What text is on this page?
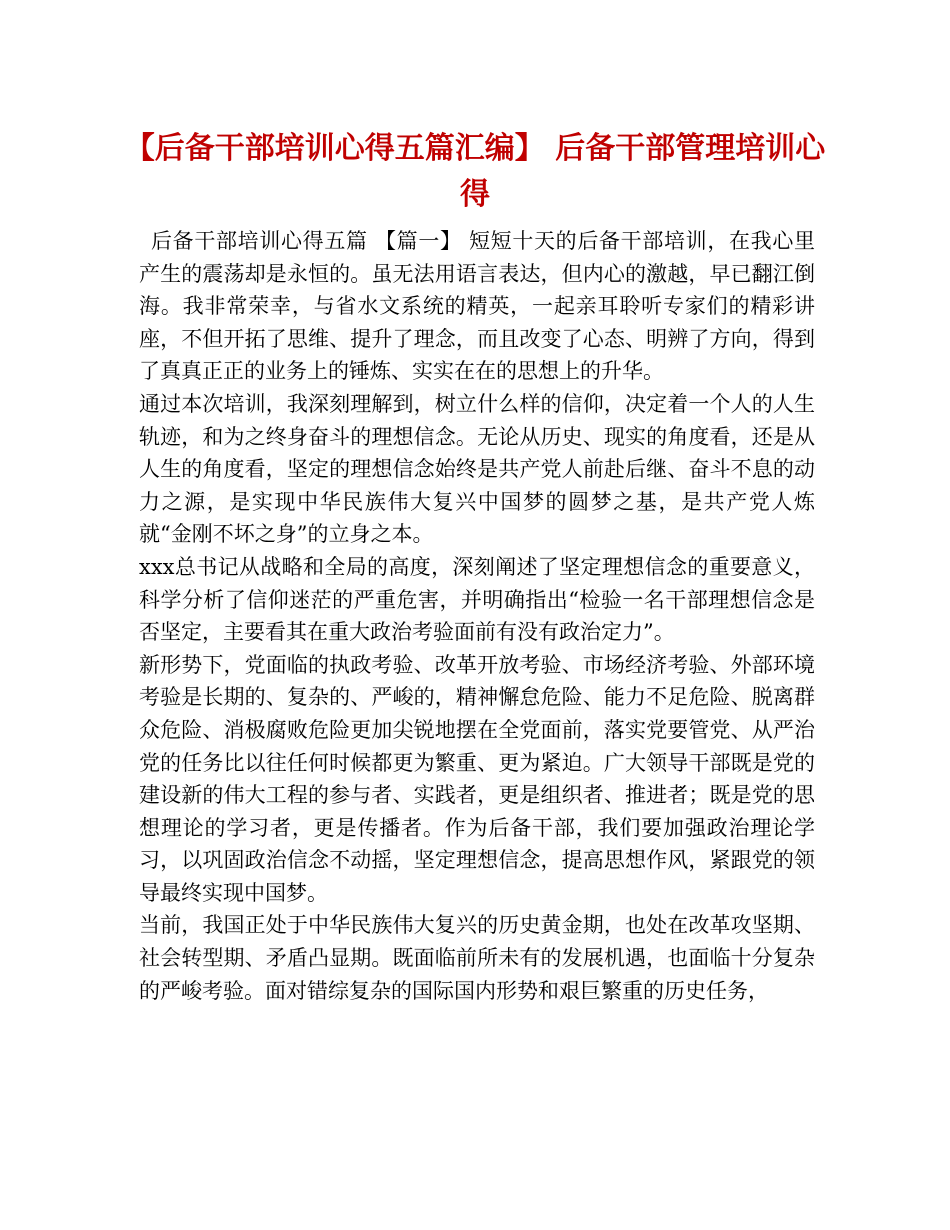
【后备干部培训心得五篇汇编】 后备干部管理培训心得

后备干部培训心得五篇 【篇一】 短短十天的后备干部培训，在我心里产生的震荡却是永恒的。虽无法用语言表达，但内心的激越，早已翻江倒海。我非常荣幸，与省水文系统的精英，一起亲耳聆听专家们的精彩讲座，不但开拓了思维、提升了理念，而且改变了心态、明辨了方向，得到了真真正正的业务上的锤炼、实实在在的思想上的升华。

通过本次培训，我深刻理解到，树立什么样的信仰，决定着一个人的人生轨迹，和为之终身奋斗的理想信念。无论从历史、现实的角度看，还是从人生的角度看，坚定的理想信念始终是共产党人前赴后继、奋斗不息的动力之源，是实现中华民族伟大复兴中国梦的圆梦之基，是共产党人炼就“金刚不坏之身”的立身之本。

xxx总书记从战略和全局的高度，深刻阐述了坚定理想信念的重要意义，科学分析了信仰迷茫的严重危害，并明确指出“检验一名干部理想信念是否坚定，主要看其在重大政治考验面前有没有政治定力”。

新形势下，党面临的执政考验、改革开放考验、市场经济考验、外部环境考验是长期的、复杂的、严峻的，精神懈怠危险、能力不足危险、脱离群众危险、消极腐败危险更加尖锐地摆在全党面前，落实党要管党、从严治党的任务比以往任何时候都更为繁重、更为紧迫。广大领导干部既是党的建设新的伟大工程的参与者、实践者，更是组织者、推进者；既是党的思想理论的学习者，更是传播者。作为后备干部，我们要加强政治理论学习，以巩固政治信念不动摇，坚定理想信念，提高思想作风，紧跟党的领导最终实现中国梦。

当前，我国正处于中华民族伟大复兴的历史黄金期，也处在改革攻坚期、社会转型期、矛盾凸显期。既面临前所未有的发展机遇，也面临十分复杂的严峻考验。面对错综复杂的国际国内形势和艰巨繁重的历史任务，
